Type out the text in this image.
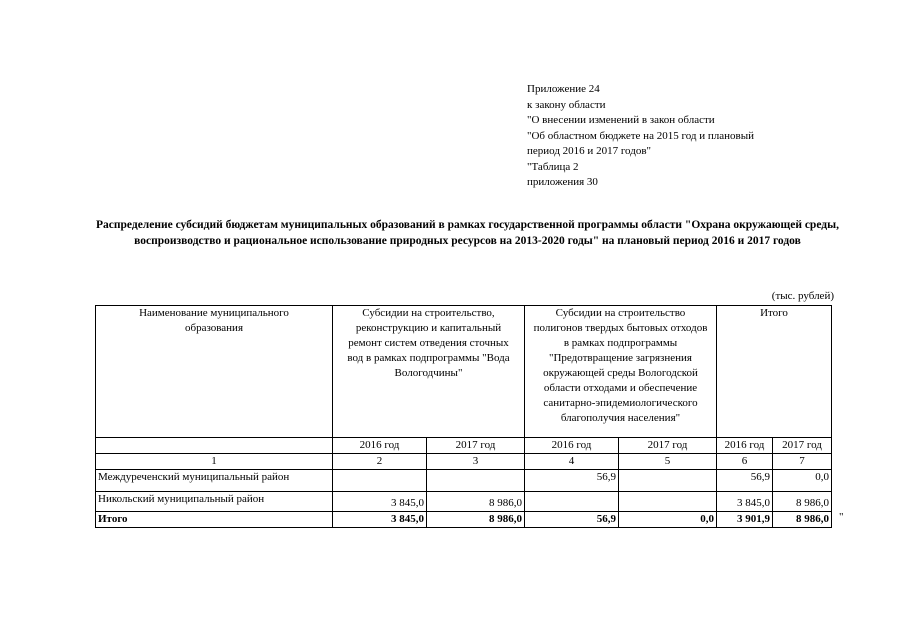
Приложение 24
к закону области
"О внесении изменений в закон области
"Об областном бюджете на 2015 год и плановый
период 2016 и 2017 годов"
"Таблица 2
приложения 30
Распределение субсидий бюджетам муниципальных образований в рамках государственной программы области "Охрана окружающей среды, воспроизводство и рациональное использование природных ресурсов на 2013-2020 годы" на плановый период 2016 и 2017 годов
(тыс. рублей)
Наименование муниципального образования	Субсидии на строительство, реконструкцию и капитальный ремонт систем отведения сточных вод в рамках подпрограммы "Вода Вологодчины"		Субсидии на строительство полигонов твердых бытовых отходов в рамках подпрограммы "Предотвращение загрязнения окружающей среды Вологодской области отходами и обеспечение санитарно-эпидемиологического благополучия населения"		Итого	
	2016 год	2017 год	2016 год	2017 год	2016 год	2017 год
1	2	3	4	5	6	7
Междуреченский муниципальный район			56,9		56,9	0,0
Никольский муниципальный район	3 845,0	8 986,0			3 845,0	8 986,0
Итого	3 845,0	8 986,0	56,9	0,0	3 901,9	8 986,0 "
